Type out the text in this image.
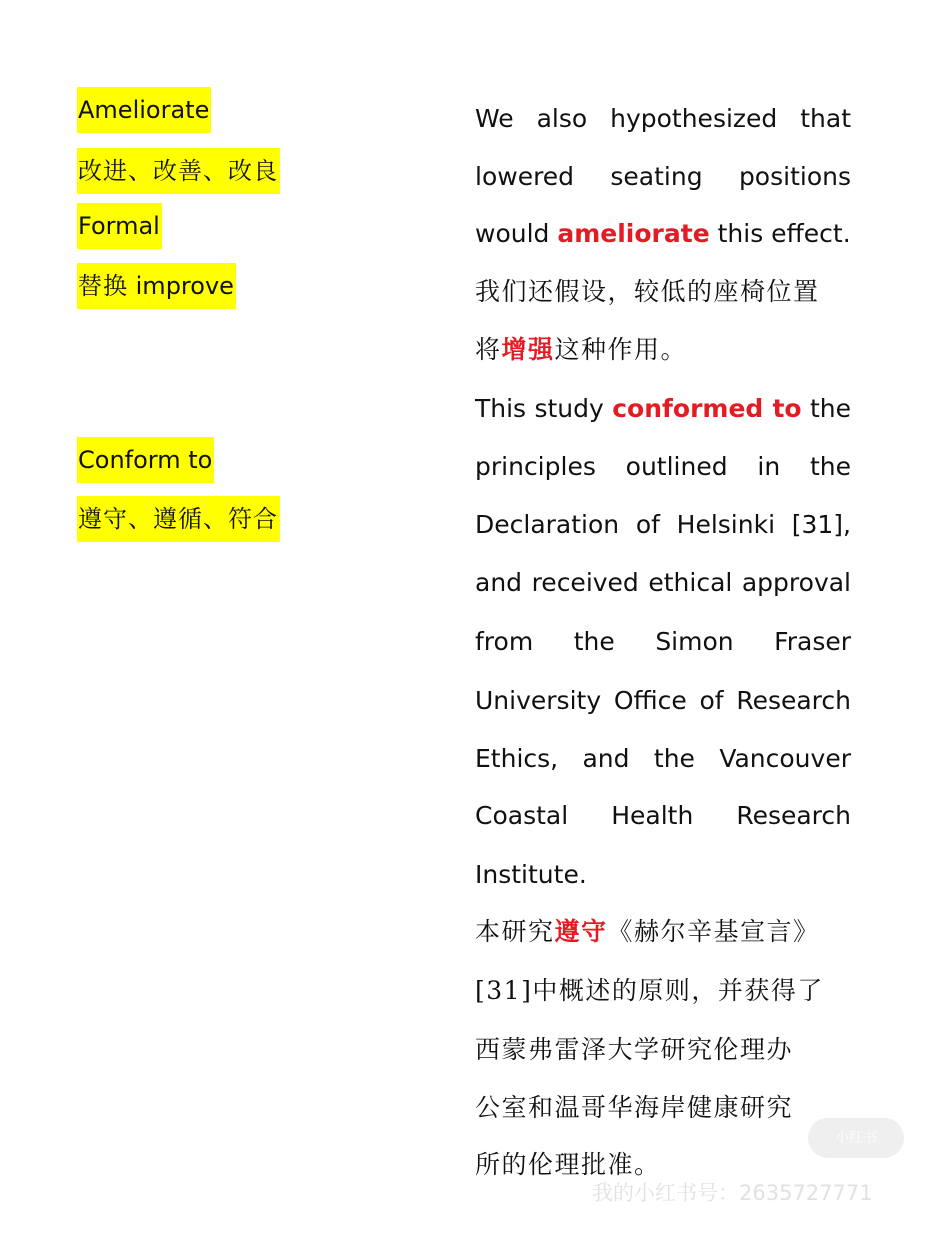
Ameliorate
改进、改善、改良
Formal
替换 improve
Conform to
遵守、遵循、符合
We also hypothesized that
lowered seating positions
would ameliorate this effect.
我们还假设，较低的座椅位置
将增强这种作用。
This study conformed to the
principles outlined in the
Declaration of Helsinki [31],
and received ethical approval
from the Simon Fraser
University Office of Research
Ethics, and the Vancouver
Coastal Health Research
Institute.
本研究遵守《赫尔辛基宣言》
[31]中概述的原则，并获得了
西蒙弗雷泽大学研究伦理办
公室和温哥华海岸健康研究
所的伦理批准。
小红书
我的小红书号：2635727771
